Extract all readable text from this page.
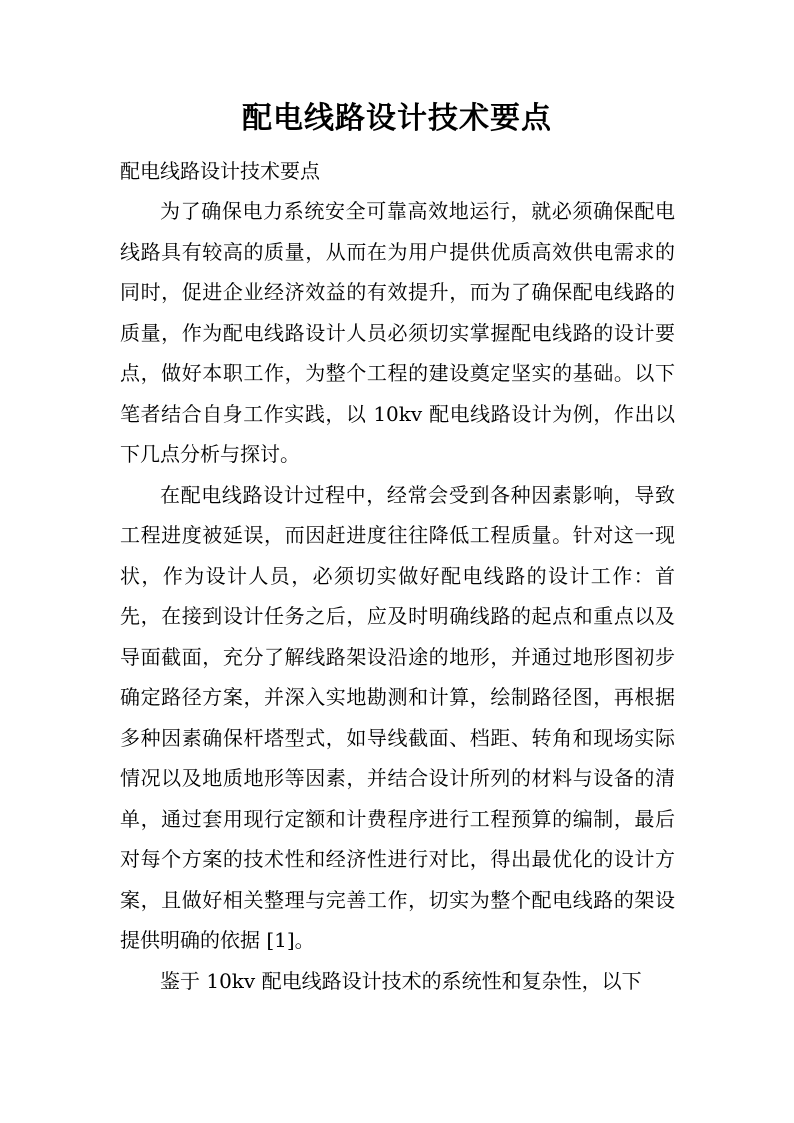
配电线路设计技术要点

配电线路设计技术要点

为了确保电力系统安全可靠高效地运行，就必须确保配电线路具有较高的质量，从而在为用户提供优质高效供电需求的同时，促进企业经济效益的有效提升，而为了确保配电线路的质量，作为配电线路设计人员必须切实掌握配电线路的设计要点，做好本职工作，为整个工程的建设奠定坚实的基础。以下笔者结合自身工作实践，以 10kv 配电线路设计为例，作出以下几点分析与探讨。

在配电线路设计过程中，经常会受到各种因素影响，导致工程进度被延误，而因赶进度往往降低工程质量。针对这一现状，作为设计人员，必须切实做好配电线路的设计工作：首先，在接到设计任务之后，应及时明确线路的起点和重点以及导面截面，充分了解线路架设沿途的地形，并通过地形图初步确定路径方案，并深入实地勘测和计算，绘制路径图，再根据多种因素确保杆塔型式，如导线截面、档距、转角和现场实际情况以及地质地形等因素，并结合设计所列的材料与设备的清单，通过套用现行定额和计费程序进行工程预算的编制，最后对每个方案的技术性和经济性进行对比，得出最优化的设计方案，且做好相关整理与完善工作，切实为整个配电线路的架设提供明确的依据 [1]。

鉴于 10kv 配电线路设计技术的系统性和复杂性，以下
